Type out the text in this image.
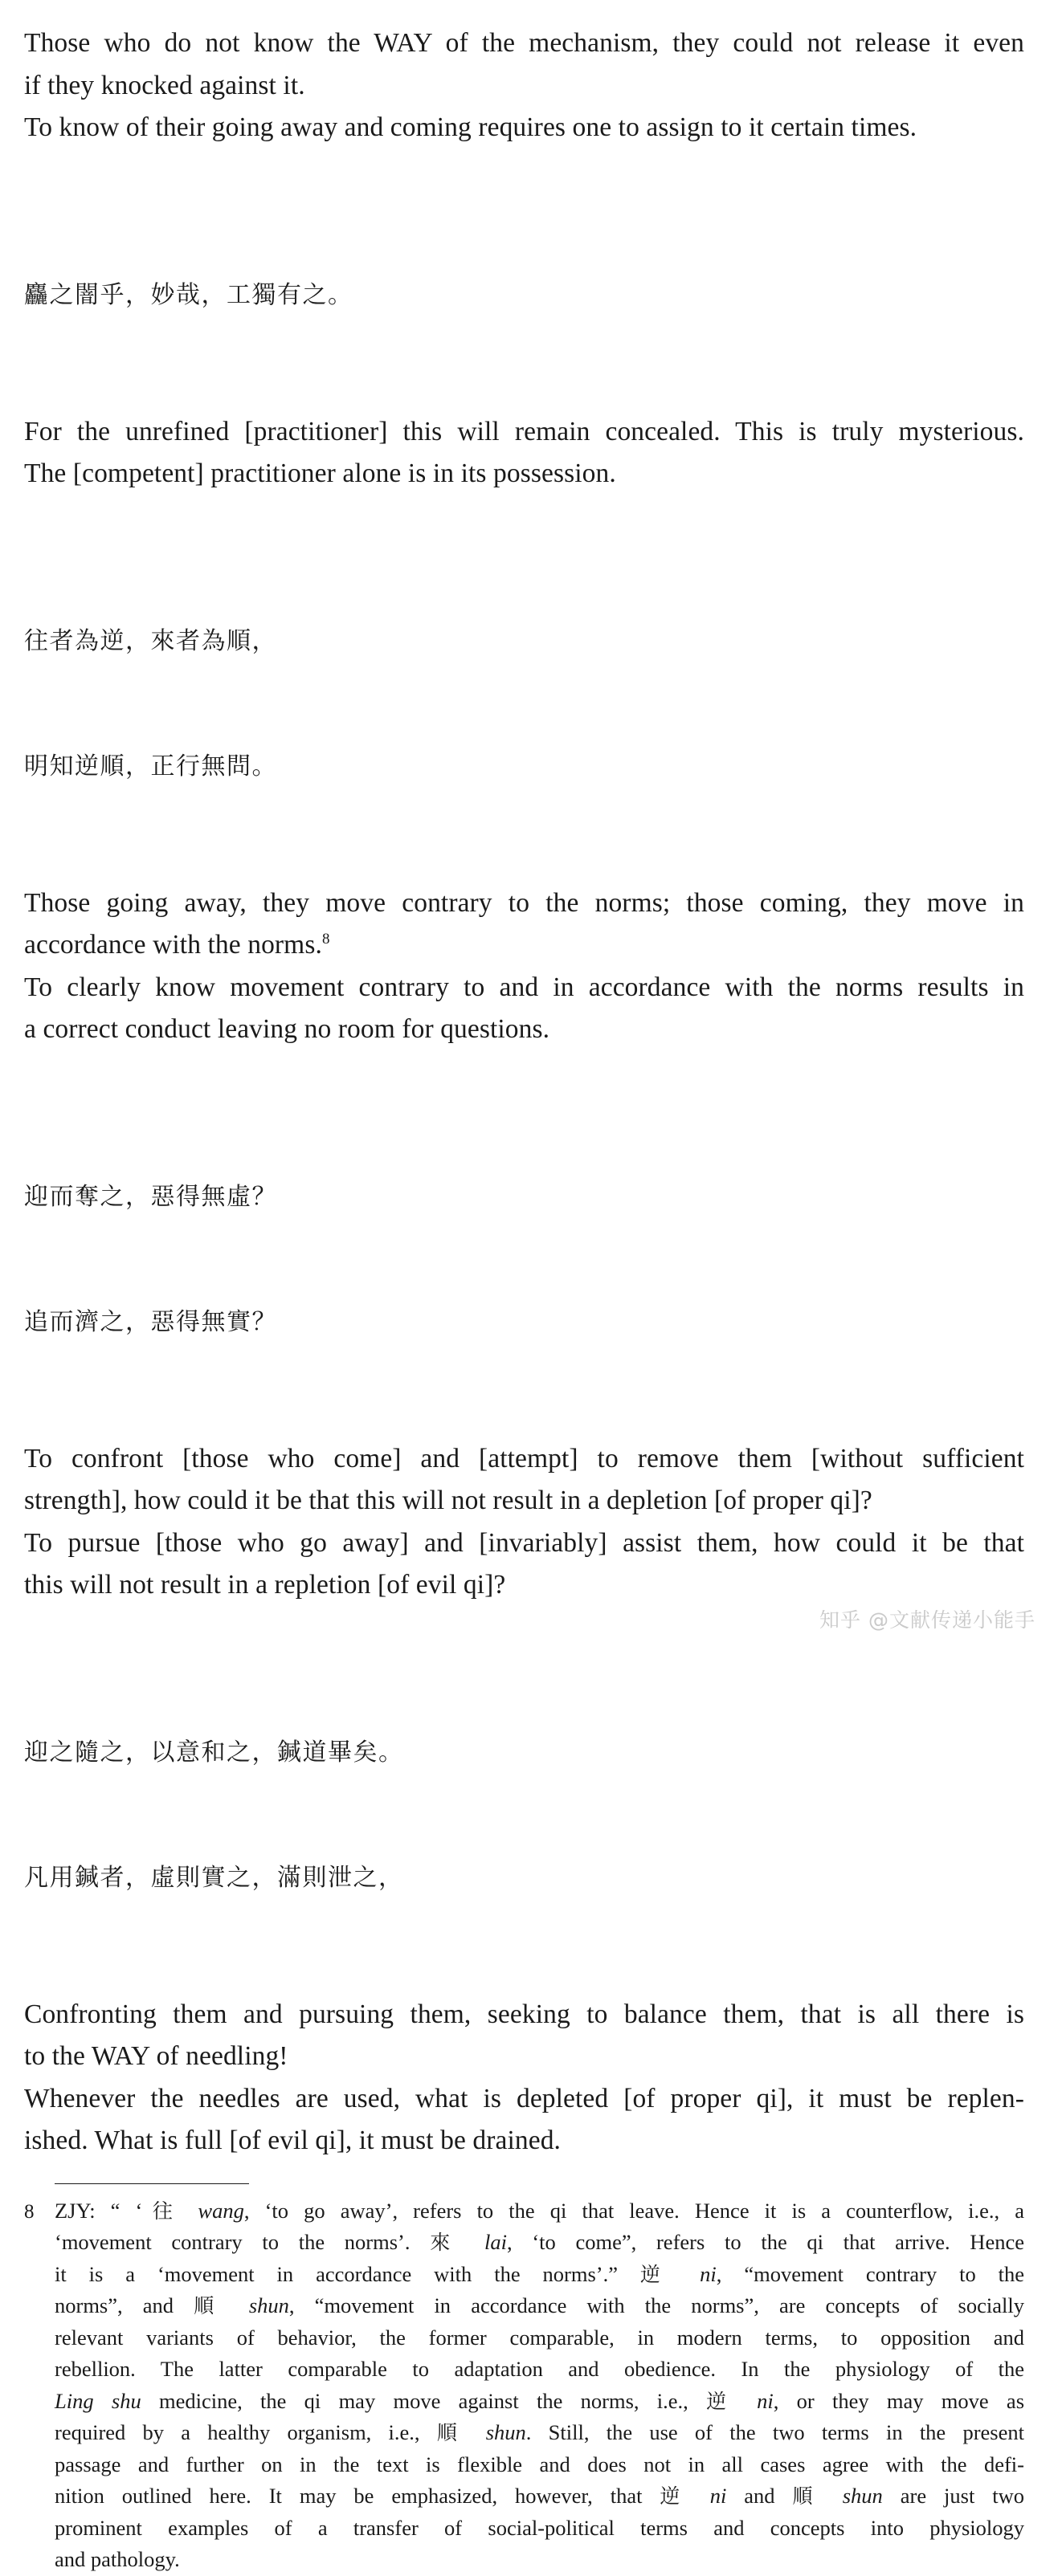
Those who do not know the WAY of the mechanism, they could not release it even
if they knocked against it.
To know of their going away and coming requires one to assign to it certain times.

麤之闇乎，妙哉，工獨有之。

For the unrefined [practitioner] this will remain concealed. This is truly mysterious.
The [competent] practitioner alone is in its possession.

往者為逆，來者為順，

明知逆順，正行無問。

Those going away, they move contrary to the norms; those coming, they move in
accordance with the norms.$^8$
To clearly know movement contrary to and in accordance with the norms results in
a correct conduct leaving no room for questions.

迎而奪之，惡得無虛？

追而濟之，惡得無實？

To confront [those who come] and [attempt] to remove them [without sufficient
strength], how could it be that this will not result in a depletion [of proper qi]?
To pursue [those who go away] and [invariably] assist them, how could it be that
this will not result in a repletion [of evil qi]?

迎之隨之，以意和之，鍼道畢矣。

凡用鍼者，虛則實之，滿則泄之，

Confronting them and pursuing them, seeking to balance them, that is all there is
to the WAY of needling!
Whenever the needles are used, what is depleted [of proper qi], it must be replen-
ished. What is full [of evil qi], it must be drained.

8 ZJY: “ ‘往 wang, ‘to go away’, refers to the qi that leave. Hence it is a counterflow, i.e., a
‘movement contrary to the norms’. 來 lai, ‘to come”, refers to the qi that arrive. Hence
it is a ‘movement in accordance with the norms’.” 逆 ni, “movement contrary to the
norms”, and 順 shun, “movement in accordance with the norms”, are concepts of socially
relevant variants of behavior, the former comparable, in modern terms, to opposition and
rebellion. The latter comparable to adaptation and obedience. In the physiology of the
Ling shu medicine, the qi may move against the norms, i.e., 逆 ni, or they may move as
required by a healthy organism, i.e., 順 shun. Still, the use of the two terms in the present
passage and further on in the text is flexible and does not in all cases agree with the defi-
nition outlined here. It may be emphasized, however, that 逆 ni and 順 shun are just two
prominent examples of a transfer of social-political terms and concepts into physiology
and pathology.
知乎 @文献传递小能手
